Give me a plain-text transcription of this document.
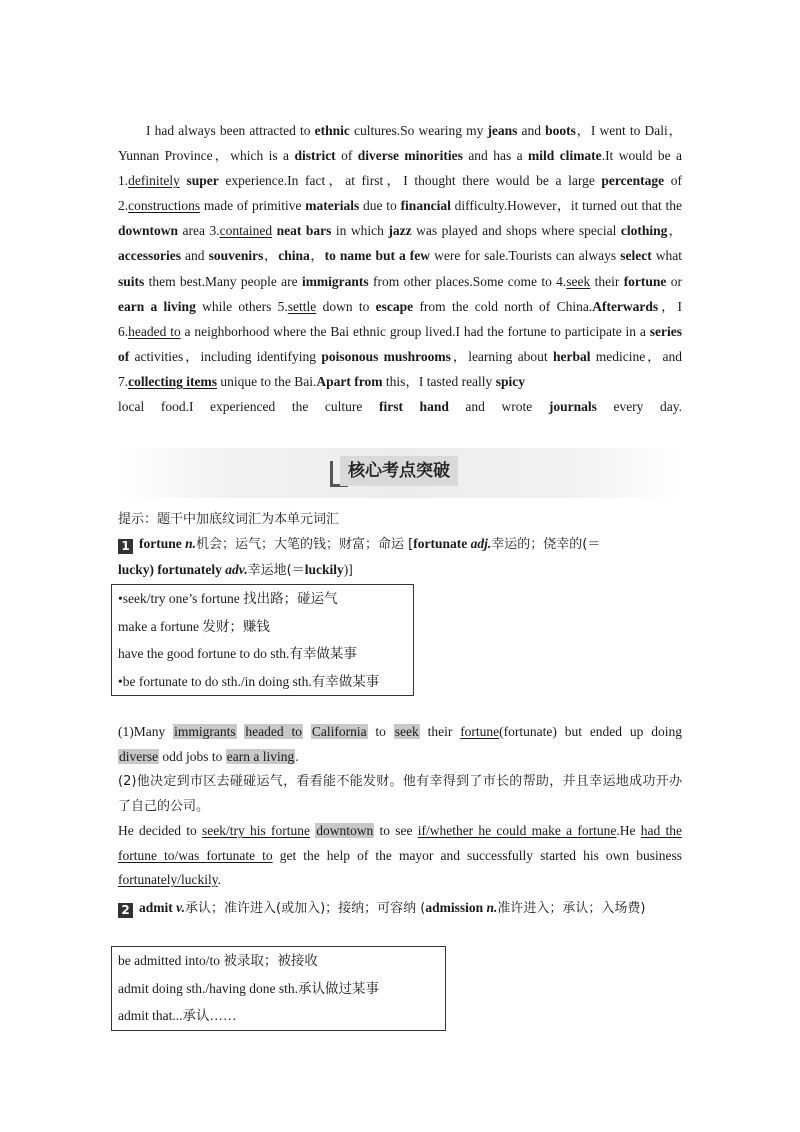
I had always been attracted to ethnic cultures.So wearing my jeans and boots，I went to Dali，Yunnan Province，which is a district of diverse minorities and has a mild climate.It would be a 1.definitely super experience.In fact，at first，I thought there would be a large percentage of 2.constructions made of primitive materials due to financial difficulty.However，it turned out that the downtown area 3.contained neat bars in which jazz was played and shops where special clothing，accessories and souvenirs，china，to name but a few were for sale.Tourists can always select what suits them best.Many people are immigrants from other places.Some come to 4.seek their fortune or earn a living while others 5.settle down to escape from the cold north of China.Afterwards，I 6.headed to a neighborhood where the Bai ethnic group lived.I had the fortune to participate in a series of activities，including identifying poisonous mushrooms，learning about herbal medicine，and 7.collecting items unique to the Bai.Apart from this，I tasted really spicy
local food.I experienced the culture first hand and wrote journals every day.
核心考点突破
提示：题干中加底纹词汇为本单元词汇
1 fortune n.机会；运气；大笔的钱；财富；命运 [fortunate adj.幸运的；侥幸的(＝
lucky) fortunately adv.幸运地(＝luckily)]
•seek/try one’s fortune 找出路；碰运气
make a fortune 发财；赚钱
have the good fortune to do sth.有幸做某事
•be fortunate to do sth./in doing sth.有幸做某事
(1)Many immigrants headed to California to seek their fortune(fortunate) but ended up doing
diverse odd jobs to earn a living.
(2)他决定到市区去碰碰运气，看看能不能发财。他有幸得到了市长的帮助，并且幸运地成功开办了自己的公司。
He decided to seek/try his fortune downtown to see if/whether he could make a fortune.He had the fortune to/was fortunate to get the help of the mayor and successfully started his own business fortunately/luckily.
2 admit v.承认；准许进入(或加入)；接纳；可容纳 (admission n.准许进入；承认；入场费)
be admitted into/to 被录取；被接收
admit doing sth./having done sth.承认做过某事
admit that...承认……
